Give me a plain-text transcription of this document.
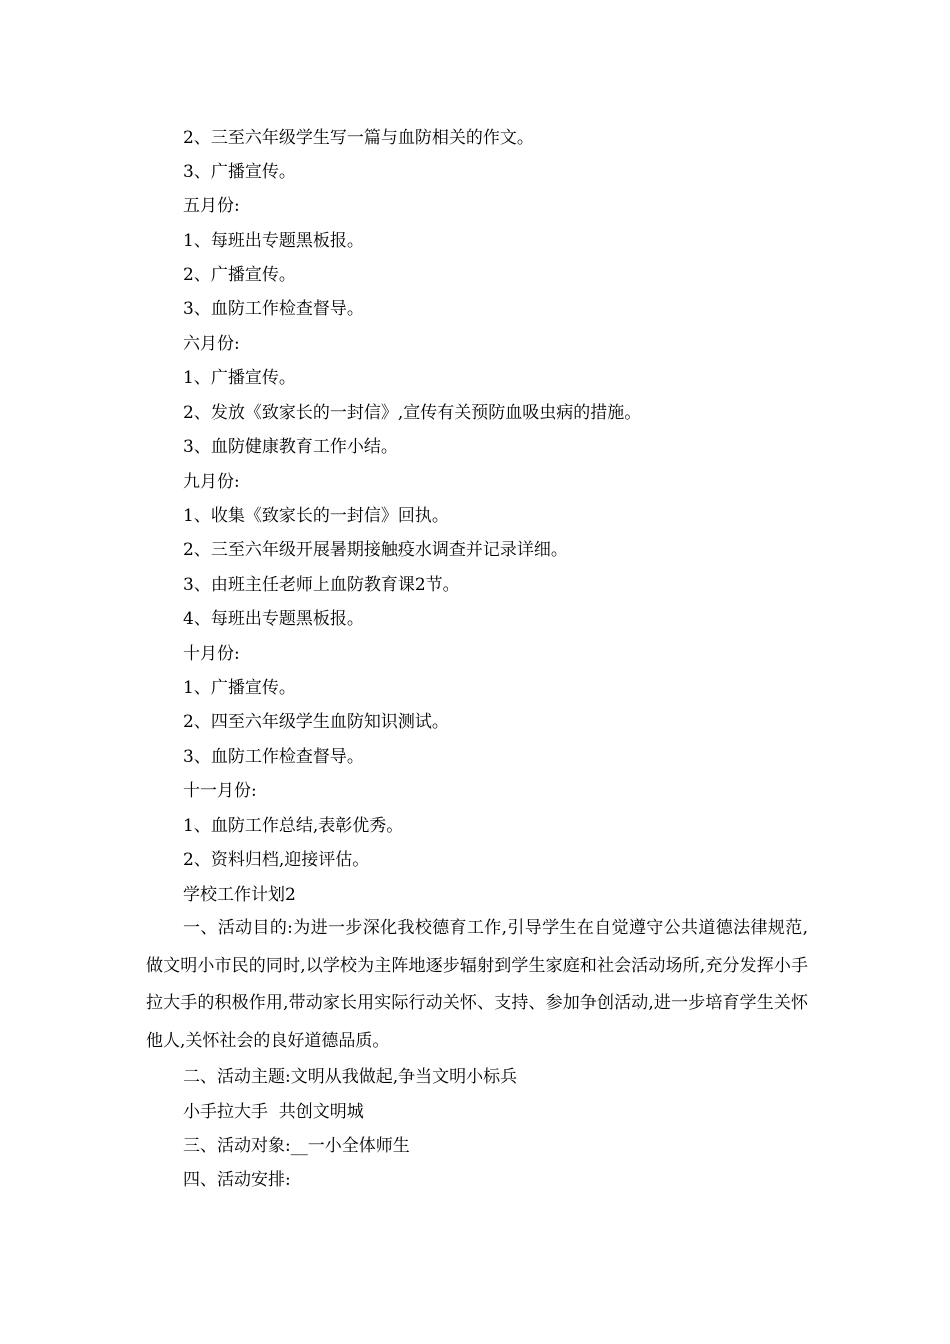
2、三至六年级学生写一篇与血防相关的作文。
3、广播宣传。
五月份:
1、每班出专题黑板报。
2、广播宣传。
3、血防工作检查督导。
六月份:
1、广播宣传。
2、发放《致家长的一封信》,宣传有关预防血吸虫病的措施。
3、血防健康教育工作小结。
九月份:
1、收集《致家长的一封信》回执。
2、三至六年级开展暑期接触疫水调查并记录详细。
3、由班主任老师上血防教育课2节。
4、每班出专题黑板报。
十月份:
1、广播宣传。
2、四至六年级学生血防知识测试。
3、血防工作检查督导。
十一月份:
1、血防工作总结,表彰优秀。
2、资料归档,迎接评估。
学校工作计划2
一、活动目的:为进一步深化我校德育工作,引导学生在自觉遵守公共道德法律规范,做文明小市民的同时,以学校为主阵地逐步辐射到学生家庭和社会活动场所,充分发挥小手拉大手的积极作用,带动家长用实际行动关怀、支持、参加争创活动,进一步培育学生关怀他人,关怀社会的良好道德品质。
二、活动主题:文明从我做起,争当文明小标兵
小手拉大手  共创文明城
三、活动对象:__一小全体师生
四、活动安排:
